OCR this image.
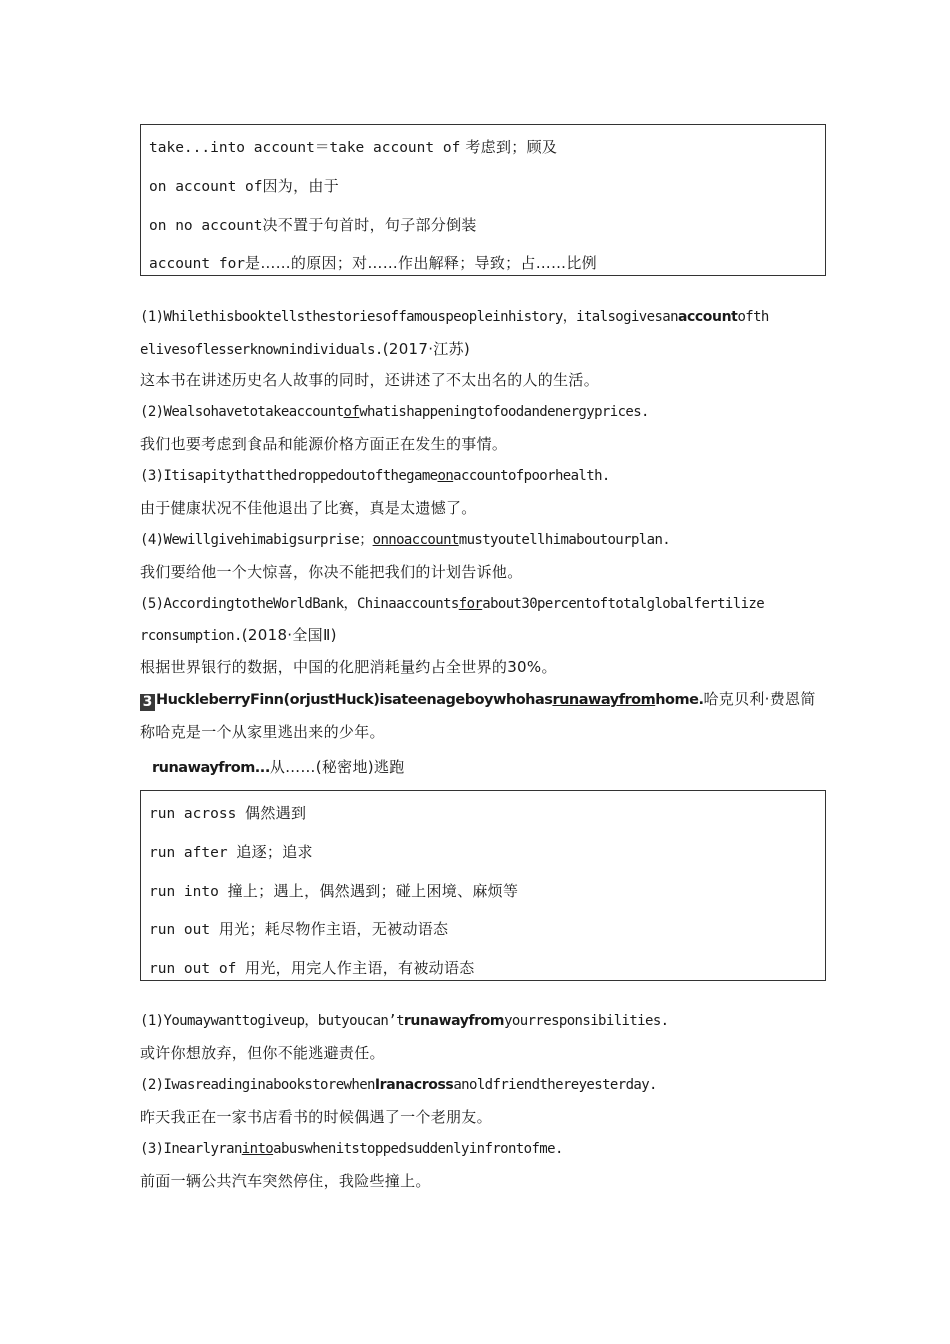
take...into account＝take account of 考虑到；顾及
on account of因为，由于
on no account决不置于句首时，句子部分倒装
account for是……的原因；对……作出解释；导致；占……比例
(1)Whilethisbooktellsthestoriesoffamouspeopleinhistory，italsogivesanaccountofth
elivesoflesserknownindividuals.(2017·江苏)
这本书在讲述历史名人故事的同时，还讲述了不太出名的人的生活。
(2)Wealsohavetotakeaccountofwhatishappeningtofoodandenergyprices.
我们也要考虑到食品和能源价格方面正在发生的事情。
(3)Itisapitythatthedroppedoutofthegameonaccountofpoorhealth.
由于健康状况不佳他退出了比赛，真是太遗憾了。
(4)Wewillgivehimabigsurprise；onnoaccountmustyoutellhimaboutourplan.
我们要给他一个大惊喜，你决不能把我们的计划告诉他。
(5)AccordingtotheWorldBank，Chinaaccountsforabout30percentoftotalglobalfertilize
rconsumption.(2018·全国Ⅱ)
根据世界银行的数据，中国的化肥消耗量约占全世界的30%。
3 HuckleberryFinn(orjustHuck)isateenageboywhohasrunawayfromhome.哈克贝利·费恩简
称哈克是一个从家里逃出来的少年。
runawayfrom...从……(秘密地)逃跑
run across 偶然遇到
run after 追逐；追求
run into 撞上；遇上，偶然遇到；碰上困境、麻烦等
run out 用光；耗尽物作主语，无被动语态
run out of 用光，用完人作主语，有被动语态
(1)Youmaywanttogiveup，butyoucan’trunawayfromyourresponsibilities.
或许你想放弃，但你不能逃避责任。
(2)IwasreadinginabookstorewhenIranacrossanoldfriendthereyesterday.
昨天我正在一家书店看书的时候偶遇了一个老朋友。
(3)Inearlyranintoabuswhenitstoppedsuddenlyinfrontofme.
前面一辆公共汽车突然停住，我险些撞上。
